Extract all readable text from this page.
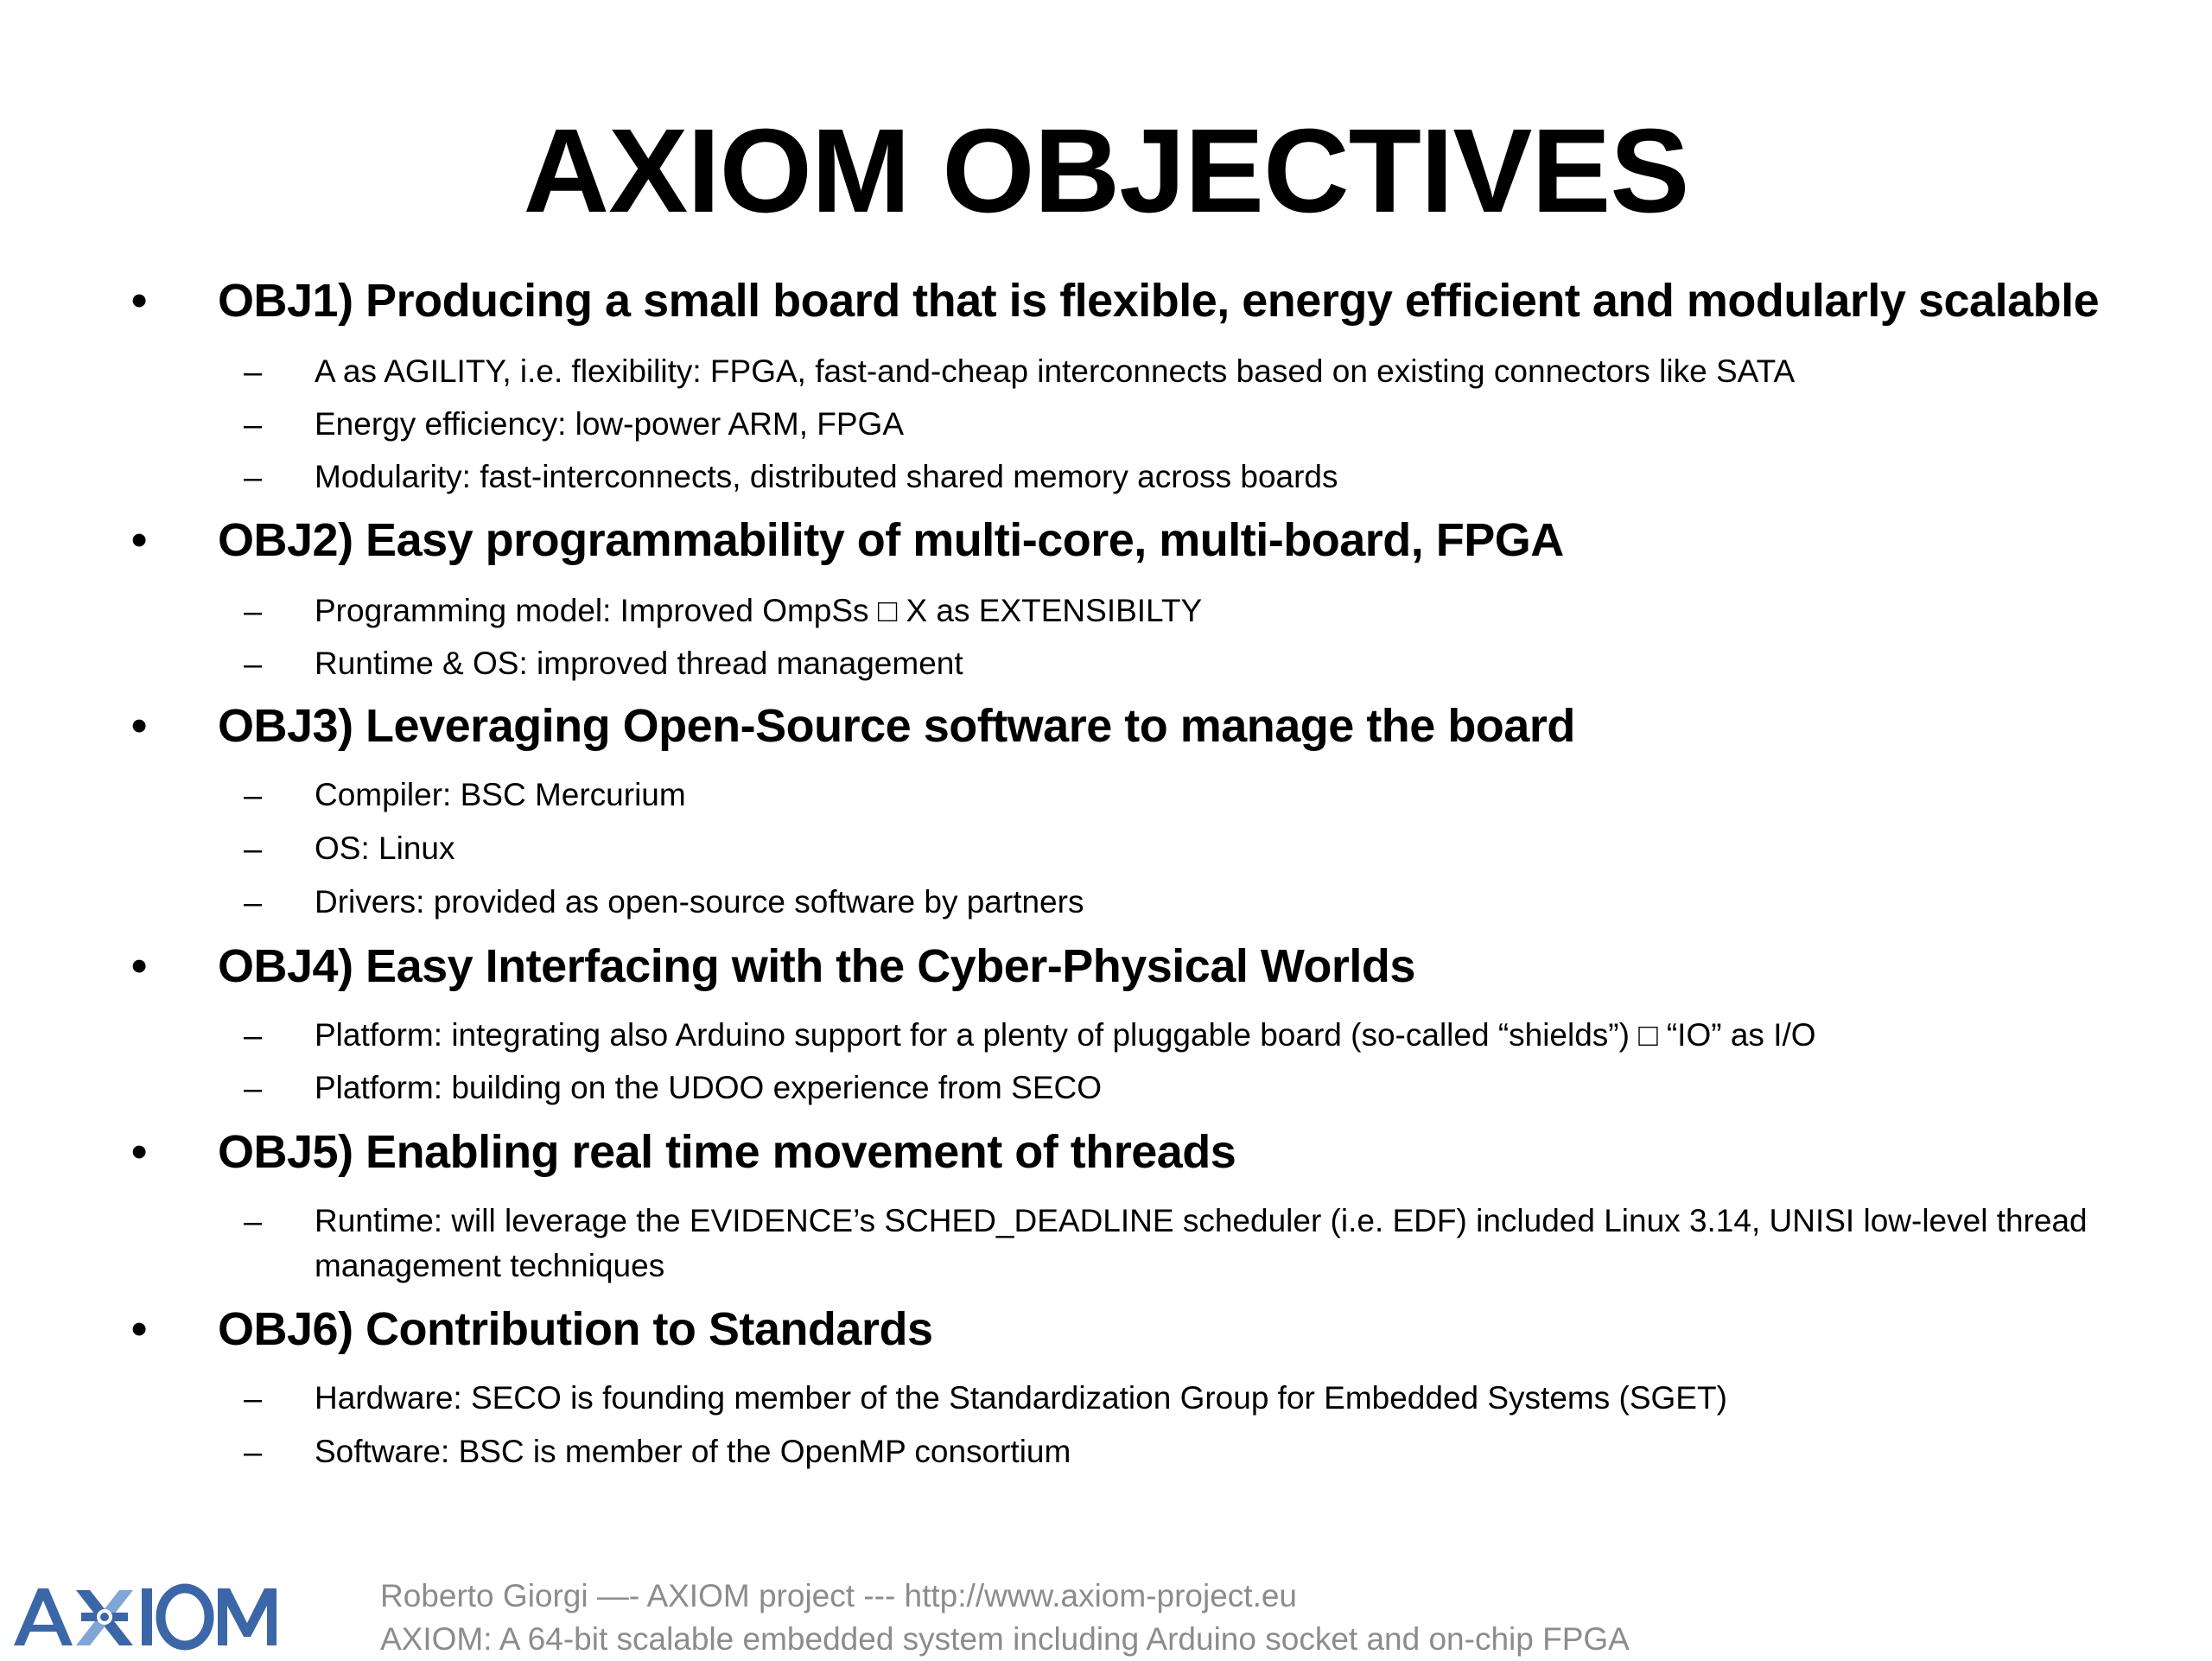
AXIOM OBJECTIVES
• OBJ1) Producing a small board that is flexible, energy efficient and modularly scalable
– A as AGILITY, i.e. flexibility: FPGA, fast-and-cheap interconnects based on existing connectors like SATA
– Energy efficiency: low-power ARM, FPGA
– Modularity: fast-interconnects, distributed shared memory across boards
• OBJ2) Easy programmability of multi-core, multi-board, FPGA
– Programming model: Improved OmpSs □ X as EXTENSIBILTY
– Runtime & OS: improved thread management
• OBJ3) Leveraging Open-Source software to manage the board
– Compiler: BSC Mercurium
– OS: Linux
– Drivers: provided as open-source software by partners
• OBJ4) Easy Interfacing with the Cyber-Physical Worlds
– Platform: integrating also Arduino support for a plenty of pluggable board (so-called “shields”) □ “IO” as I/O
– Platform: building on the UDOO experience from SECO
• OBJ5) Enabling real time movement of threads
– Runtime: will leverage the EVIDENCE’s SCHED_DEADLINE scheduler (i.e. EDF) included Linux 3.14, UNISI low-level thread management techniques
• OBJ6) Contribution to Standards
– Hardware: SECO is founding member of the Standardization Group for Embedded Systems (SGET)
– Software: BSC is member of the OpenMP consortium
Roberto Giorgi —- AXIOM project --- http://www.axiom-project.eu
AXIOM: A 64-bit scalable embedded system including Arduino socket and on-chip FPGA
